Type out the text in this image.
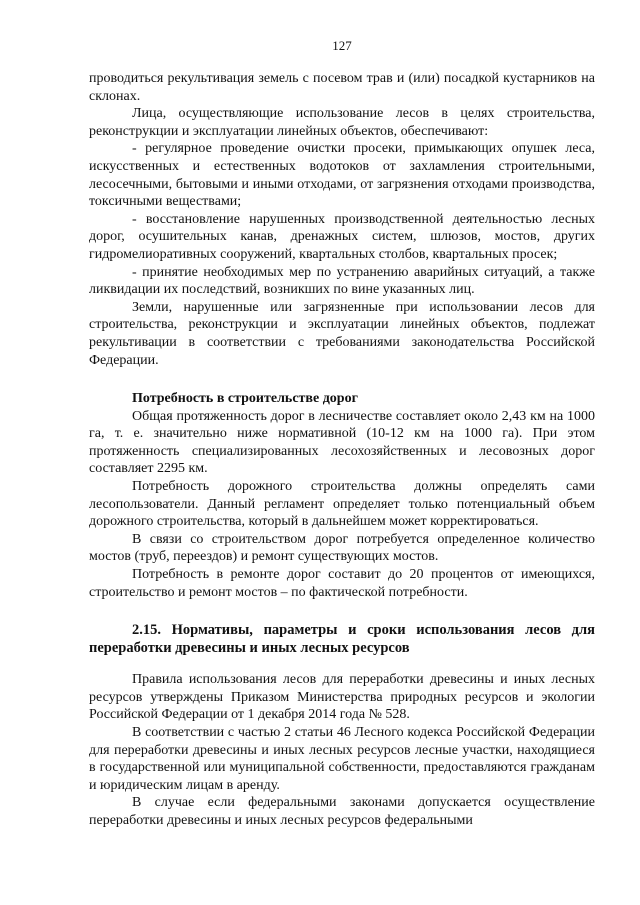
127

проводиться рекультивация земель с посевом трав и (или) посадкой кустарников на склонах.

Лица, осуществляющие использование лесов в целях строительства, реконструкции и эксплуатации линейных объектов, обеспечивают:

- регулярное проведение очистки просеки, примыкающих опушек леса, искусственных и естественных водотоков от захламления строительными, лесосечными, бытовыми и иными отходами, от загрязнения отходами производства, токсичными веществами;

- восстановление нарушенных производственной деятельностью лесных дорог, осушительных канав, дренажных систем, шлюзов, мостов, других гидромелиоративных сооружений, квартальных столбов, квартальных просек;

- принятие необходимых мер по устранению аварийных ситуаций, а также ликвидации их последствий, возникших по вине указанных лиц.

Земли, нарушенные или загрязненные при использовании лесов для строительства, реконструкции и эксплуатации линейных объектов, подлежат рекультивации в соответствии с требованиями законодательства Российской Федерации.

Потребность в строительстве дорог

Общая протяженность дорог в лесничестве составляет около 2,43 км на 1000 га, т. е. значительно ниже нормативной (10-12 км на 1000 га). При этом протяженность специализированных лесохозяйственных и лесовозных дорог составляет 2295 км.

Потребность дорожного строительства должны определять сами лесопользователи. Данный регламент определяет только потенциальный объем дорожного строительства, который в дальнейшем может корректироваться.

В связи со строительством дорог потребуется определенное количество мостов (труб, переездов) и ремонт существующих мостов.

Потребность в ремонте дорог составит до 20 процентов от имеющихся, строительство и ремонт мостов – по фактической потребности.

2.15. Нормативы, параметры и сроки использования лесов для переработки древесины и иных лесных ресурсов

Правила использования лесов для переработки древесины и иных лесных ресурсов утверждены Приказом Министерства природных ресурсов и экологии Российской Федерации от 1 декабря 2014 года № 528.

В соответствии с частью 2 статьи 46 Лесного кодекса Российской Федерации для переработки древесины и иных лесных ресурсов лесные участки, находящиеся в государственной или муниципальной собственности, предоставляются гражданам и юридическим лицам в аренду.

В случае если федеральными законами допускается осуществление переработки древесины и иных лесных ресурсов федеральными
